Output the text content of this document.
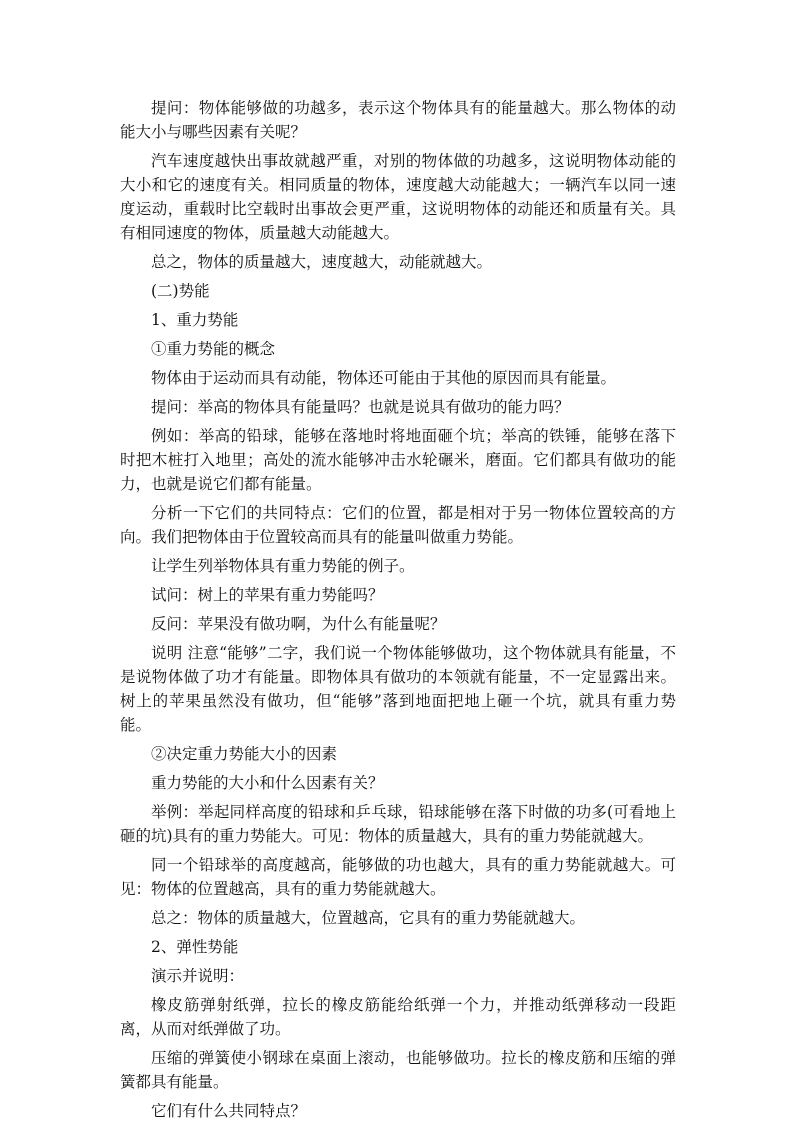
提问：物体能够做的功越多，表示这个物体具有的能量越大。那么物体的动能大小与哪些因素有关呢？

汽车速度越快出事故就越严重，对别的物体做的功越多，这说明物体动能的大小和它的速度有关。相同质量的物体，速度越大动能越大；一辆汽车以同一速度运动，重载时比空载时出事故会更严重，这说明物体的动能还和质量有关。具有相同速度的物体，质量越大动能越大。

总之，物体的质量越大，速度越大，动能就越大。

(二)势能

1、重力势能

①重力势能的概念

物体由于运动而具有动能，物体还可能由于其他的原因而具有能量。

提问：举高的物体具有能量吗？也就是说具有做功的能力吗？

例如：举高的铅球，能够在落地时将地面砸个坑；举高的铁锤，能够在落下时把木桩打入地里；高处的流水能够冲击水轮碾米，磨面。它们都具有做功的能力，也就是说它们都有能量。

分析一下它们的共同特点：它们的位置，都是相对于另一物体位置较高的方向。我们把物体由于位置较高而具有的能量叫做重力势能。

让学生列举物体具有重力势能的例子。

试问：树上的苹果有重力势能吗？

反问：苹果没有做功啊，为什么有能量呢？

说明 注意“能够”二字，我们说一个物体能够做功，这个物体就具有能量，不是说物体做了功才有能量。即物体具有做功的本领就有能量，不一定显露出来。树上的苹果虽然没有做功，但“能够”落到地面把地上砸一个坑，就具有重力势能。

②决定重力势能大小的因素

重力势能的大小和什么因素有关？

举例：举起同样高度的铅球和乒乓球，铅球能够在落下时做的功多(可看地上砸的坑)具有的重力势能大。可见：物体的质量越大，具有的重力势能就越大。

同一个铅球举的高度越高，能够做的功也越大，具有的重力势能就越大。可见：物体的位置越高，具有的重力势能就越大。

总之：物体的质量越大，位置越高，它具有的重力势能就越大。

2、弹性势能

演示并说明：

橡皮筋弹射纸弹，拉长的橡皮筋能给纸弹一个力，并推动纸弹移动一段距离，从而对纸弹做了功。

压缩的弹簧使小钢球在桌面上滚动，也能够做功。拉长的橡皮筋和压缩的弹簧都具有能量。

它们有什么共同特点？
